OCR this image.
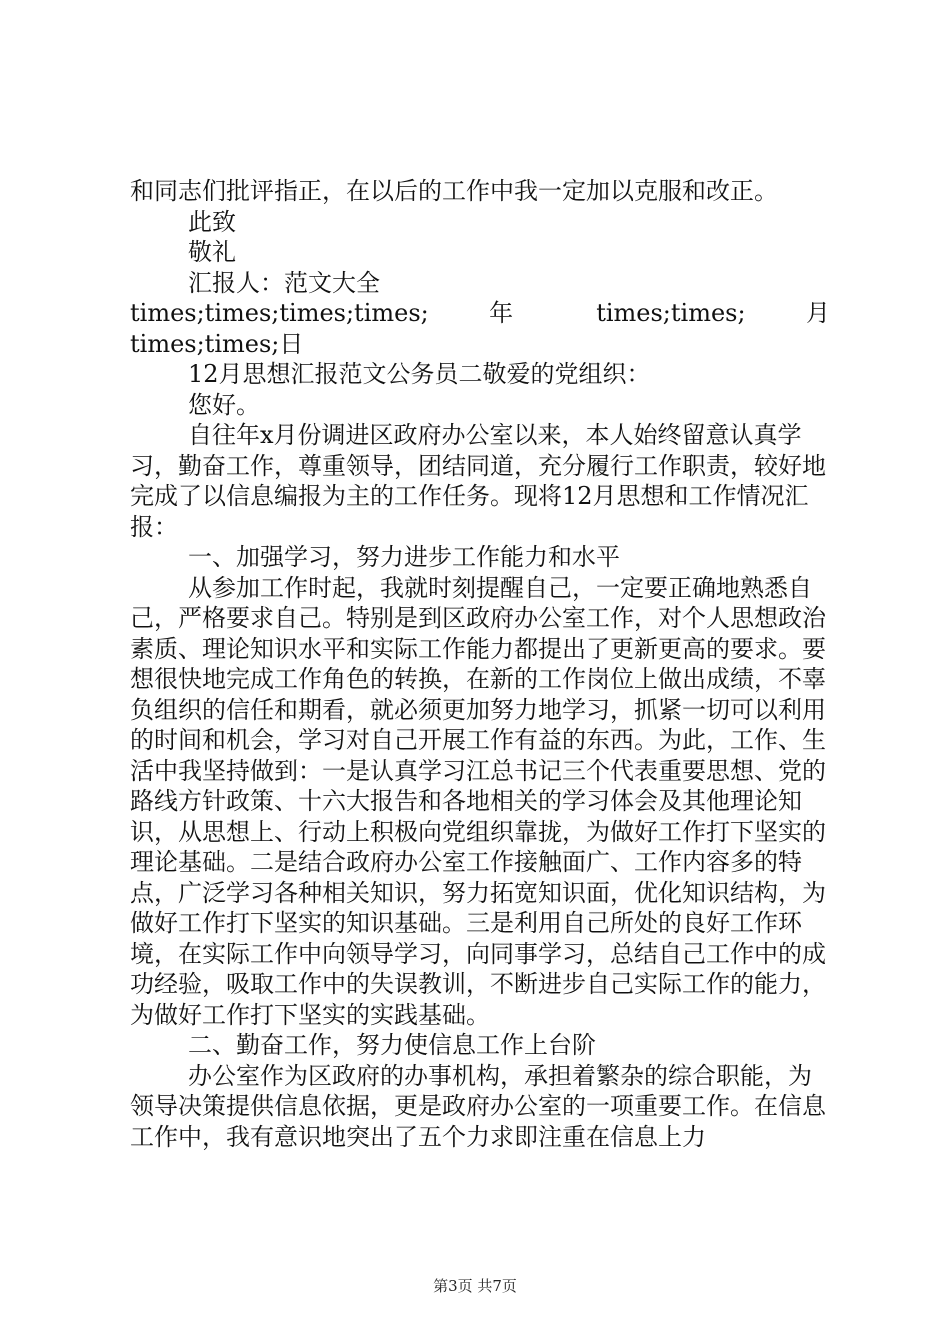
和同志们批评指正，在以后的工作中我一定加以克服和改正。

此致

敬礼

汇报人：范文大全

times;times;times;times;  年  times;times;  月

times;times;日

12月思想汇报范文公务员二敬爱的党组织：

您好。

自往年x月份调进区政府办公室以来，本人始终留意认真学习，勤奋工作，尊重领导，团结同道，充分履行工作职责，较好地完成了以信息编报为主的工作任务。现将12月思想和工作情况汇报：

一、加强学习，努力进步工作能力和水平

从参加工作时起，我就时刻提醒自己，一定要正确地熟悉自己，严格要求自己。特别是到区政府办公室工作，对个人思想政治素质、理论知识水平和实际工作能力都提出了更新更高的要求。要想很快地完成工作角色的转换，在新的工作岗位上做出成绩，不辜负组织的信任和期看，就必须更加努力地学习，抓紧一切可以利用的时间和机会，学习对自己开展工作有益的东西。为此，工作、生活中我坚持做到：一是认真学习江总书记三个代表重要思想、党的路线方针政策、十六大报告和各地相关的学习体会及其他理论知识，从思想上、行动上积极向党组织靠拢，为做好工作打下坚实的理论基础。二是结合政府办公室工作接触面广、工作内容多的特点，广泛学习各种相关知识，努力拓宽知识面，优化知识结构，为做好工作打下坚实的知识基础。三是利用自己所处的良好工作环境，在实际工作中向领导学习，向同事学习，总结自己工作中的成功经验，吸取工作中的失误教训，不断进步自己实际工作的能力，为做好工作打下坚实的实践基础。

二、勤奋工作，努力使信息工作上台阶

办公室作为区政府的办事机构，承担着繁杂的综合职能，为领导决策提供信息依据，更是政府办公室的一项重要工作。在信息工作中，我有意识地突出了五个力求即注重在信息上力

第3页 共7页
